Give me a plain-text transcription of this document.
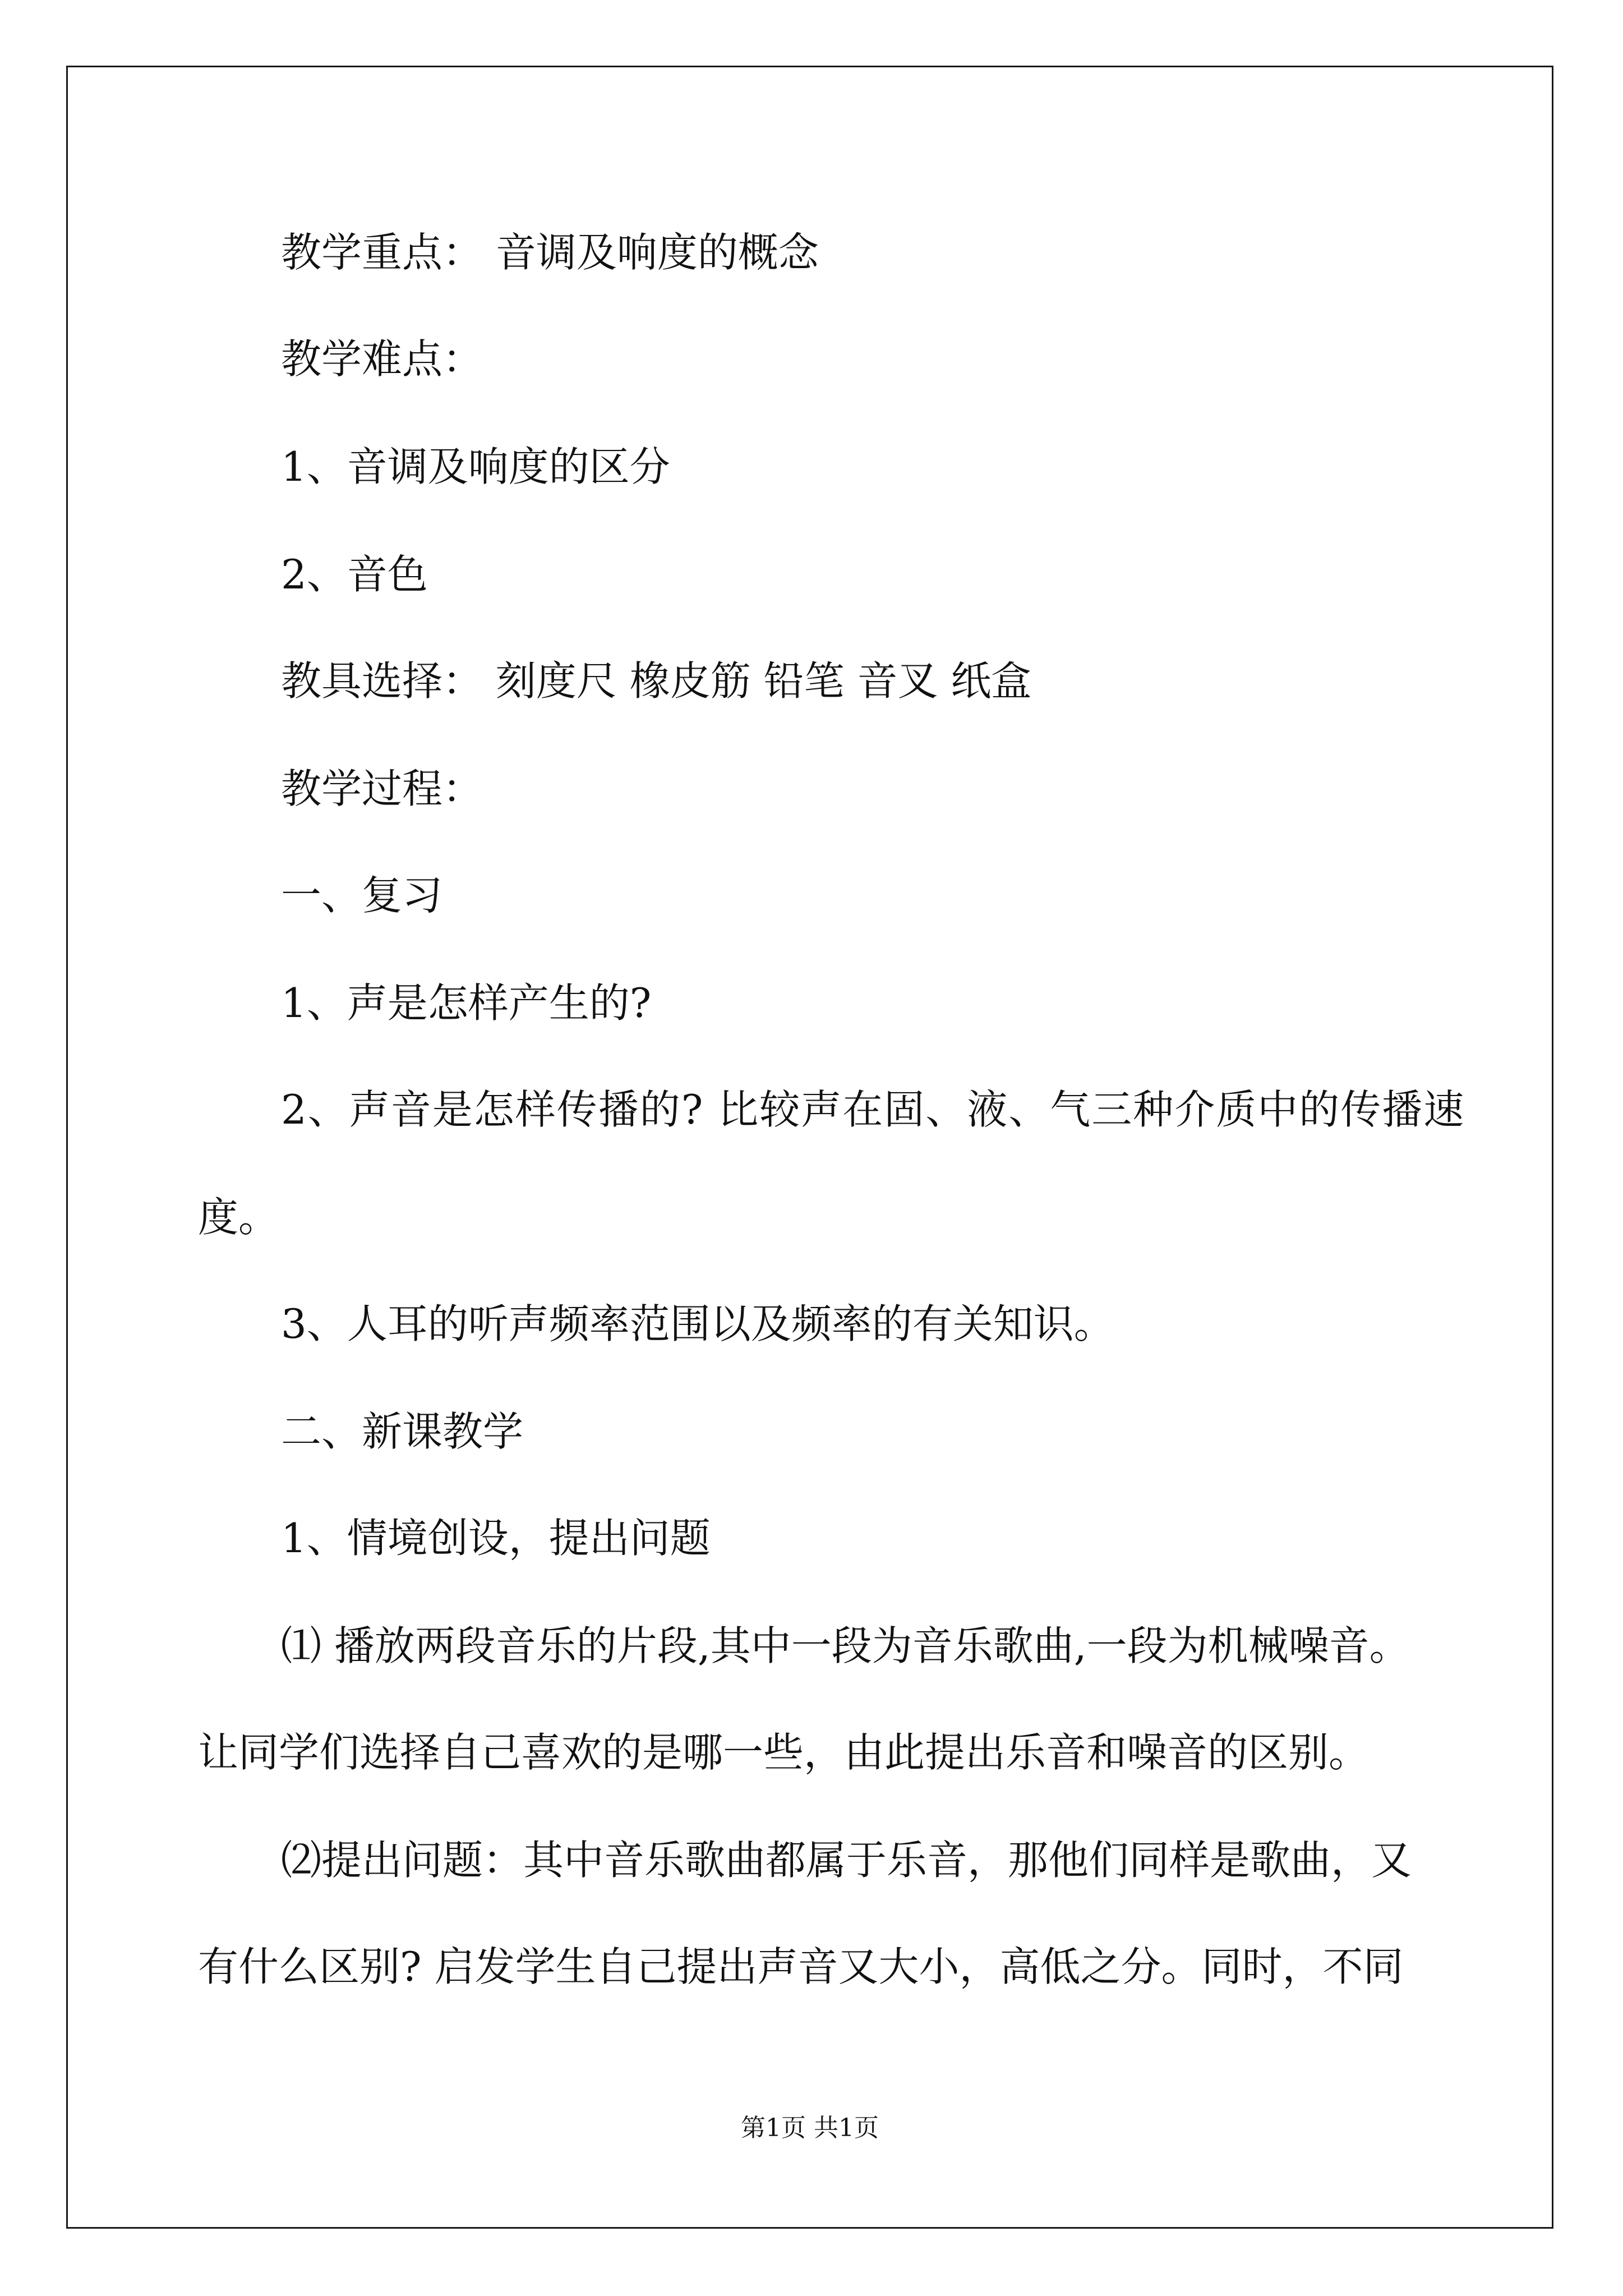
教学重点： 音调及响度的概念

教学难点：

1、音调及响度的区分

2、音色

教具选择： 刻度尺 橡皮筋 铅笔 音叉 纸盒

教学过程：

一、复习

1、声是怎样产生的?

2、声音是怎样传播的? 比较声在固、液、气三种介质中的传播速

度。

3、人耳的听声频率范围以及频率的有关知识。

二、新课教学

1、情境创设，提出问题

⑴ 播放两段音乐的片段,其中一段为音乐歌曲,一段为机械噪音。

让同学们选择自己喜欢的是哪一些，由此提出乐音和噪音的区别。

⑵提出问题：其中音乐歌曲都属于乐音，那他们同样是歌曲，又

有什么区别? 启发学生自己提出声音又大小，高低之分。同时，不同

第1页 共1页
